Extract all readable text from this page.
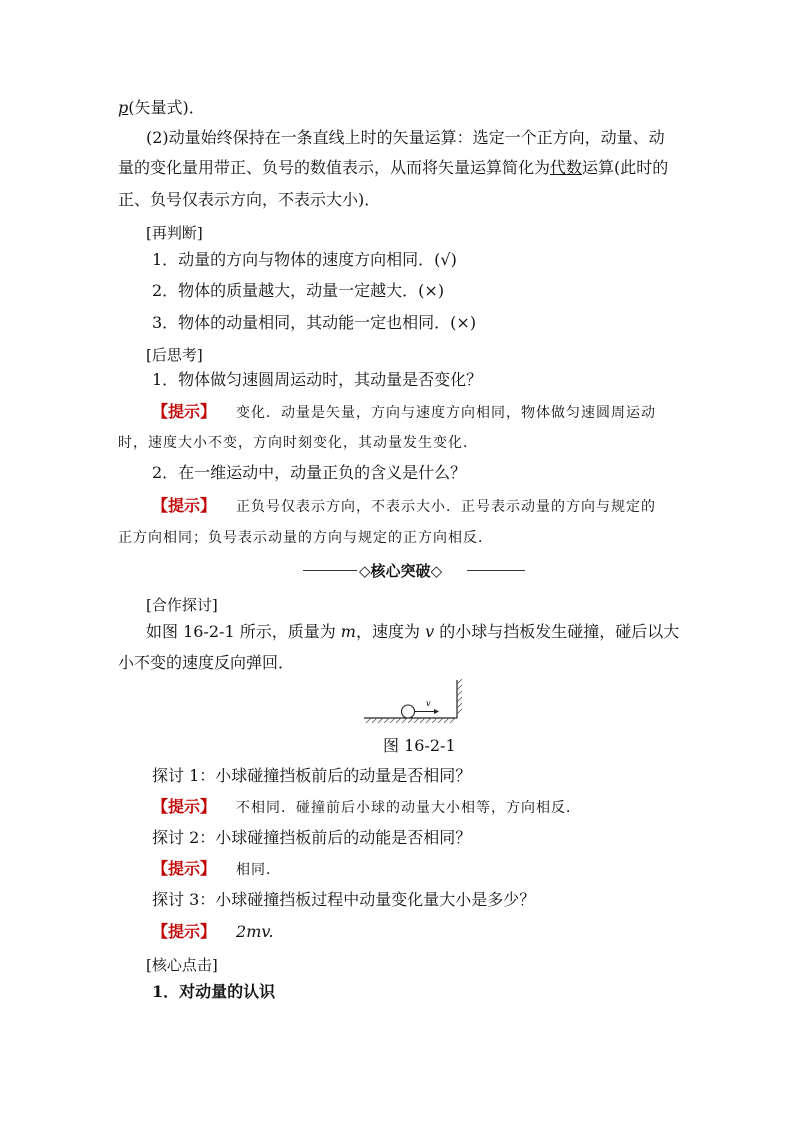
p(矢量式)．
(2)动量始终保持在一条直线上时的矢量运算：选定一个正方向，动量、动
量的变化量用带正、负号的数值表示，从而将矢量运算简化为代数运算(此时的
正、负号仅表示方向，不表示大小)．
[再判断]
1．动量的方向与物体的速度方向相同．(√)
2．物体的质量越大，动量一定越大．(×)
3．物体的动量相同，其动能一定也相同．(×)
[后思考]
1．物体做匀速圆周运动时，其动量是否变化？
【提示】 变化．动量是矢量，方向与速度方向相同，物体做匀速圆周运动
时，速度大小不变，方向时刻变化，其动量发生变化．
2．在一维运动中，动量正负的含义是什么？
【提示】 正负号仅表示方向，不表示大小．正号表示动量的方向与规定的
正方向相同；负号表示动量的方向与规定的正方向相反．
◇核心突破◇
[合作探讨]
如图 16-2-1 所示，质量为 m，速度为 v 的小球与挡板发生碰撞，碰后以大
小不变的速度反向弹回．
v
图 16-2-1
探讨 1：小球碰撞挡板前后的动量是否相同？
【提示】 不相同．碰撞前后小球的动量大小相等，方向相反．
探讨 2：小球碰撞挡板前后的动能是否相同？
【提示】 相同．
探讨 3：小球碰撞挡板过程中动量变化量大小是多少？
【提示】 2mv.
[核心点击]
1．对动量的认识
